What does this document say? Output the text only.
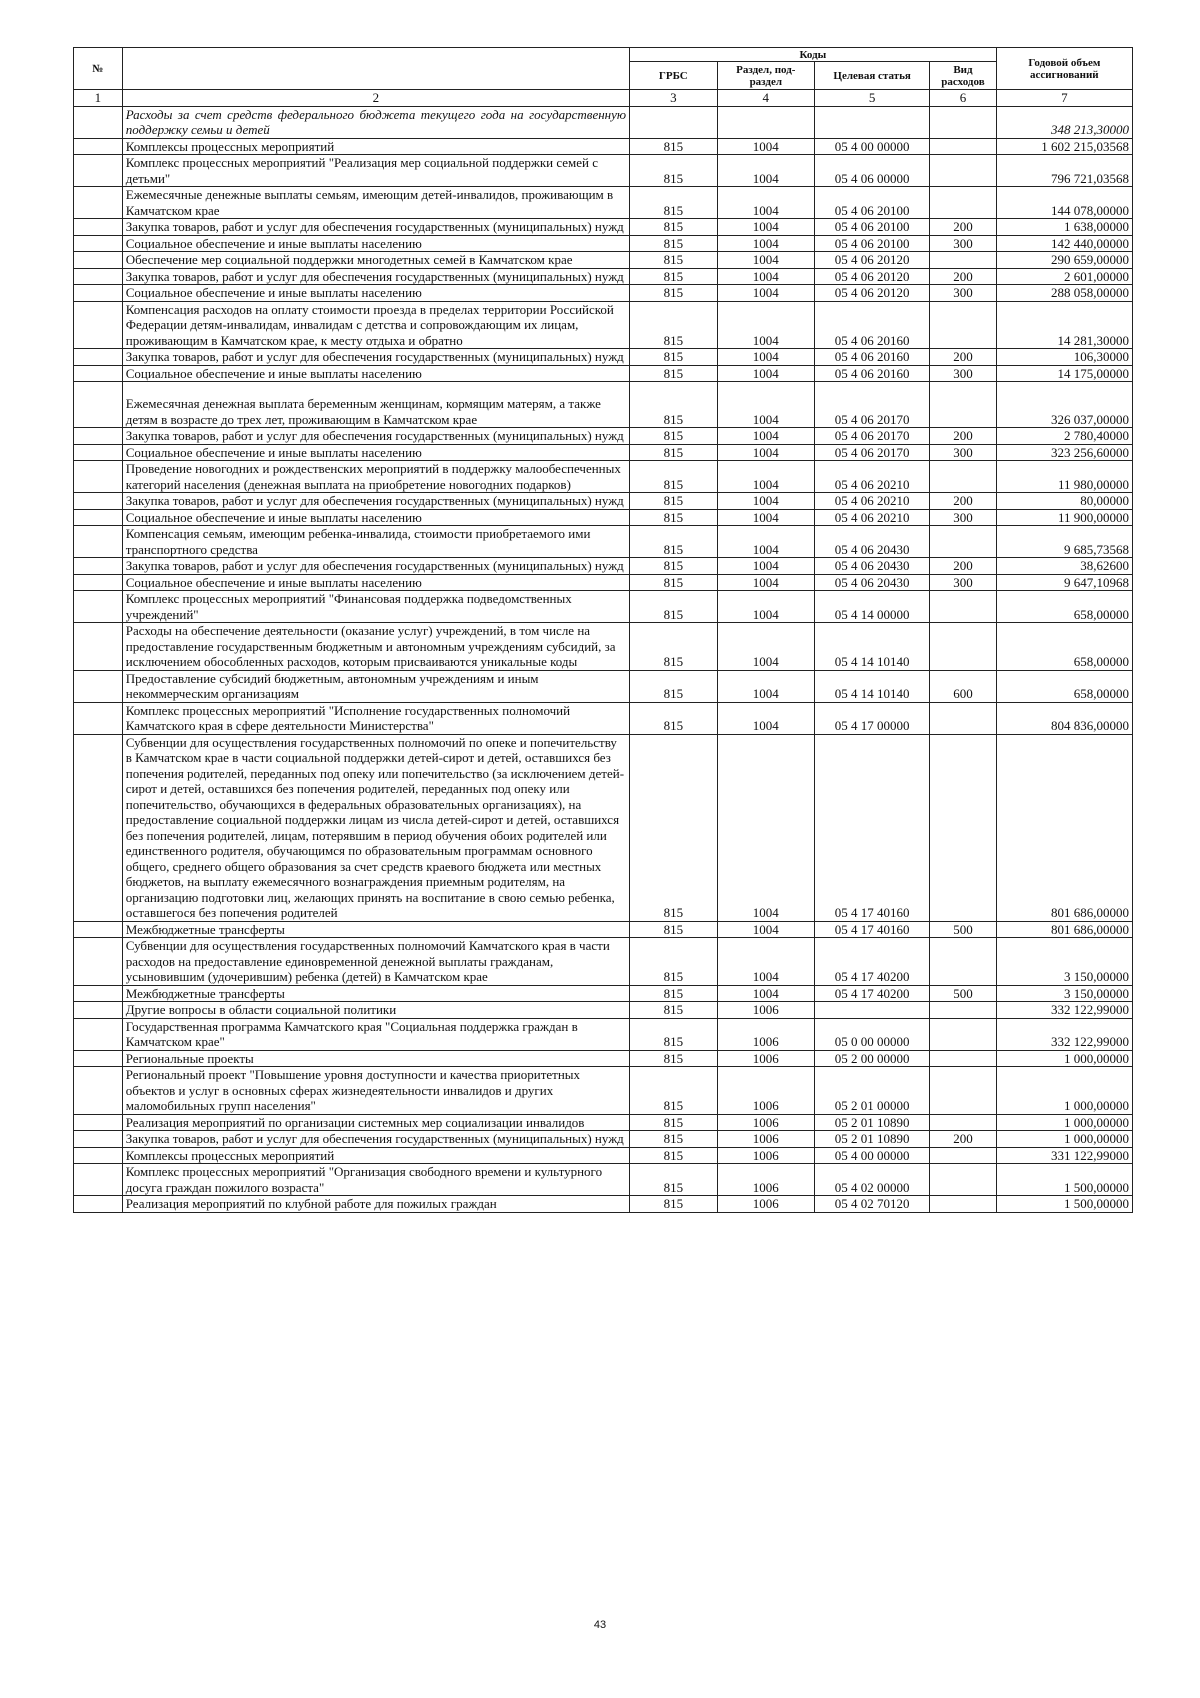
№		Коды				Годовой объем ассигнований
		ГРБС	Раздел, под-раздел	Целевая статья	Вид расходов	
1	2	3	4	5	6	7
	Расходы за счет средств федерального бюджета текущего года на государственную поддержку семьи и детей					348 213,30000
	Комплексы процессных мероприятий	815	1004	05 4 00 00000		1 602 215,03568
	Комплекс процессных мероприятий "Реализация мер социальной поддержки семей с детьми"	815	1004	05 4 06 00000		796 721,03568
	Ежемесячные денежные выплаты семьям, имеющим детей-инвалидов, проживающим в Камчатском крае	815	1004	05 4 06 20100		144 078,00000
	Закупка товаров, работ и услуг для обеспечения государственных (муниципальных) нужд	815	1004	05 4 06 20100	200	1 638,00000
	Социальное обеспечение и иные выплаты населению	815	1004	05 4 06 20100	300	142 440,00000
	Обеспечение мер социальной поддержки многодетных семей в Камчатском крае	815	1004	05 4 06 20120		290 659,00000
	Закупка товаров, работ и услуг для обеспечения государственных (муниципальных) нужд	815	1004	05 4 06 20120	200	2 601,00000
	Социальное обеспечение и иные выплаты населению	815	1004	05 4 06 20120	300	288 058,00000
	Компенсация расходов на оплату стоимости проезда в пределах территории Российской Федерации детям-инвалидам, инвалидам с детства и сопровождающим их лицам, проживающим в Камчатском крае, к месту отдыха и обратно	815	1004	05 4 06 20160		14 281,30000
	Закупка товаров, работ и услуг для обеспечения государственных (муниципальных) нужд	815	1004	05 4 06 20160	200	106,30000
	Социальное обеспечение и иные выплаты населению	815	1004	05 4 06 20160	300	14 175,00000
	Ежемесячная денежная выплата беременным женщинам, кормящим матерям, а также детям в возрасте до трех лет, проживающим в Камчатском крае	815	1004	05 4 06 20170		326 037,00000
	Закупка товаров, работ и услуг для обеспечения государственных (муниципальных) нужд	815	1004	05 4 06 20170	200	2 780,40000
	Социальное обеспечение и иные выплаты населению	815	1004	05 4 06 20170	300	323 256,60000
	Проведение новогодних и рождественских мероприятий в поддержку малообеспеченных категорий населения (денежная выплата на приобретение новогодних подарков)	815	1004	05 4 06 20210		11 980,00000
	Закупка товаров, работ и услуг для обеспечения государственных (муниципальных) нужд	815	1004	05 4 06 20210	200	80,00000
	Социальное обеспечение и иные выплаты населению	815	1004	05 4 06 20210	300	11 900,00000
	Компенсация семьям, имеющим ребенка-инвалида, стоимости приобретаемого ими транспортного средства	815	1004	05 4 06 20430		9 685,73568
	Закупка товаров, работ и услуг для обеспечения государственных (муниципальных) нужд	815	1004	05 4 06 20430	200	38,62600
	Социальное обеспечение и иные выплаты населению	815	1004	05 4 06 20430	300	9 647,10968
	Комплекс процессных мероприятий "Финансовая поддержка подведомственных учреждений"	815	1004	05 4 14 00000		658,00000
	Расходы на обеспечение деятельности (оказание услуг) учреждений, в том числе на предоставление государственным бюджетным и автономным учреждениям субсидий, за исключением обособленных расходов, которым присваиваются уникальные коды	815	1004	05 4 14 10140		658,00000
	Предоставление субсидий бюджетным, автономным учреждениям и иным некоммерческим организациям	815	1004	05 4 14 10140	600	658,00000
	Комплекс процессных мероприятий "Исполнение государственных полномочий Камчатского края в сфере деятельности Министерства"	815	1004	05 4 17 00000		804 836,00000
	Субвенции для осуществления государственных полномочий по опеке и попечительству в Камчатском крае в части социальной поддержки детей-сирот и детей, оставшихся без попечения родителей, переданных под опеку или попечительство (за исключением детей-сирот и детей, оставшихся без попечения родителей, переданных под опеку или попечительство, обучающихся в федеральных образовательных организациях), на предоставление социальной поддержки лицам из числа детей-сирот и детей, оставшихся без попечения родителей, лицам, потерявшим в период обучения обоих родителей или единственного родителя, обучающимся по образовательным программам основного общего, среднего общего образования за счет средств краевого бюджета или местных бюджетов, на выплату ежемесячного вознаграждения приемным родителям, на организацию подготовки лиц, желающих принять на воспитание в свою семью ребенка, оставшегося без попечения родителей	815	1004	05 4 17 40160		801 686,00000
	Межбюджетные трансферты	815	1004	05 4 17 40160	500	801 686,00000
	Субвенции для осуществления государственных полномочий Камчатского края в части расходов на предоставление единовременной денежной выплаты гражданам, усыновившим (удочерившим) ребенка (детей) в Камчатском крае	815	1004	05 4 17 40200		3 150,00000
	Межбюджетные трансферты	815	1004	05 4 17 40200	500	3 150,00000
	Другие вопросы в области социальной политики	815	1006			332 122,99000
	Государственная программа Камчатского края "Социальная поддержка граждан в Камчатском крае"	815	1006	05 0 00 00000		332 122,99000
	Региональные проекты	815	1006	05 2 00 00000		1 000,00000
	Региональный проект "Повышение уровня доступности и качества приоритетных объектов и услуг в основных сферах жизнедеятельности инвалидов и других маломобильных групп населения"	815	1006	05 2 01 00000		1 000,00000
	Реализация мероприятий по организации системных мер социализации инвалидов	815	1006	05 2 01 10890		1 000,00000
	Закупка товаров, работ и услуг для обеспечения государственных (муниципальных) нужд	815	1006	05 2 01 10890	200	1 000,00000
	Комплексы процессных мероприятий	815	1006	05 4 00 00000		331 122,99000
	Комплекс процессных мероприятий "Организация свободного времени и культурного досуга граждан пожилого возраста"	815	1006	05 4 02 00000		1 500,00000
	Реализация мероприятий по клубной работе для пожилых граждан	815	1006	05 4 02 70120		1 500,00000
43
